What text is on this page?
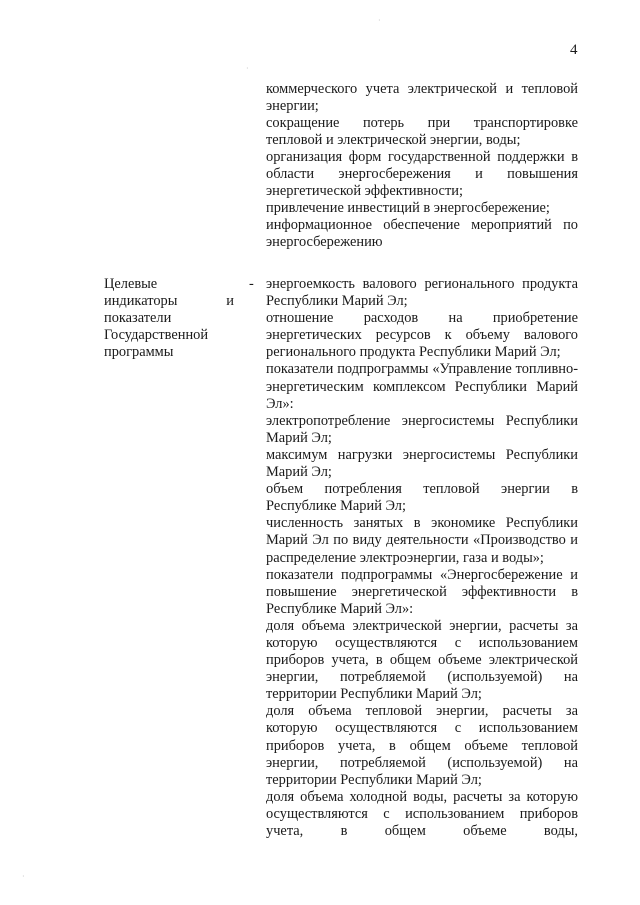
4

коммерческого учета электрической и тепловой энергии;

сокращение потерь при транспортировке тепловой и электрической энергии, воды;

организация форм государственной поддержки в области энергосбережения и повышения энергетической эффективности;

привлечение инвестиций в энергосбережение;

информационное обеспечение мероприятий по энергосбережению

Целевые
индикаторы	и
показатели
Государственной
программы
- энергоемкость валового регионального продукта Республики Марий Эл;

отношение расходов на приобретение энергетических ресурсов к объему валового регионального продукта Республики Марий Эл;

показатели подпрограммы «Управление топливно-энергетическим комплексом Республики Марий Эл»:

электропотребление энергосистемы Республики Марий Эл;

максимум нагрузки энергосистемы Республики Марий Эл;

объем потребления тепловой энергии в Республике Марий Эл;

численность занятых в экономике Республики Марий Эл по виду деятельности «Производство и распределение электроэнергии, газа и воды»;

показатели подпрограммы «Энергосбережение и повышение энергетической эффективности в Республике Марий Эл»:

доля объема электрической энергии, расчеты за которую осуществляются с использованием приборов учета, в общем объеме электрической энергии, потребляемой (используемой) на территории Республики Марий Эл;

доля объема тепловой энергии, расчеты за которую осуществляются с использованием приборов учета, в общем объеме тепловой энергии, потребляемой (используемой) на территории Республики Марий Эл;

доля объема холодной воды, расчеты за которую осуществляются с использованием приборов учета, в общем объеме воды,

·
·
·
